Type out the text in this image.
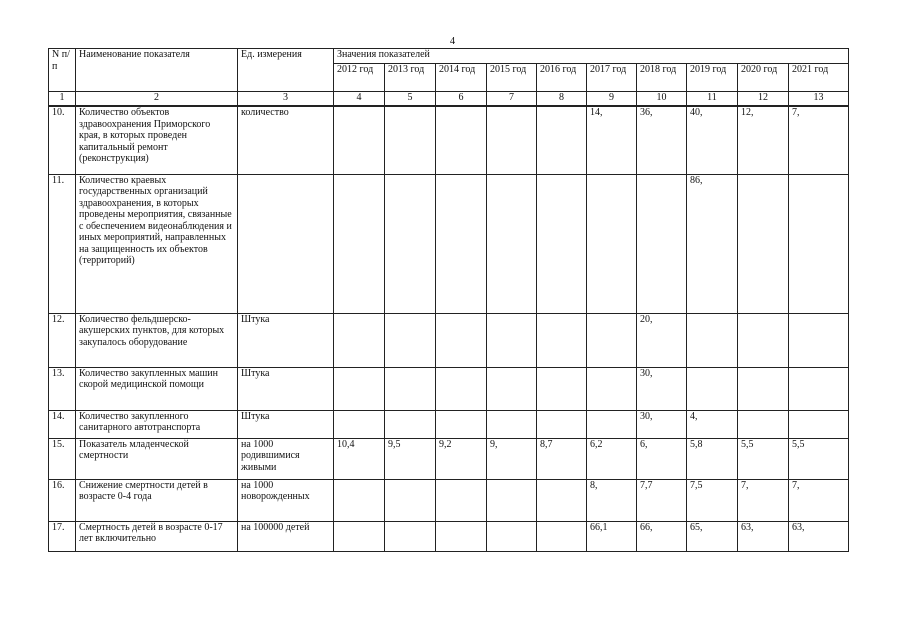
4
N п/п	Наименование показателя	Ед. измерения	Значения показателей									
			2012 год	2013 год	2014 год	2015 год	2016 год	2017 год	2018 год	2019 год	2020 год	2021 год
1	2	3	4	5	6	7	8	9	10	11	12	13
10.	Количество объектов здравоохранения Приморского края, в которых проведен капитальный ремонт (реконструкция)	количество						14,	36,	40,	12,	7,
11.	Количество краевых государственных организаций здравоохранения, в которых проведены мероприятия, связанные с обеспечением видеонаблюдения и иных мероприятий, направленных на защищенность их объектов (территорий)									86,		
12.	Количество фельдшерско-акушерских пунктов, для которых закупалось оборудование	Штука							20,			
13.	Количество закупленных машин скорой медицинской помощи	Штука							30,			
14.	Количество закупленного санитарного автотранспорта	Штука							30,	4,		
15.	Показатель младенческой смертности	на 1000 родившимися живыми	10,4	9,5	9,2	9,	8,7	6,2	6,	5,8	5,5	5,5
16.	Снижение смертности детей в возрасте 0-4 года	на 1000 новорожденных						8,	7,7	7,5	7,	7,
17.	Смертность детей в возрасте 0-17 лет включительно	на 100000 детей						66,1	66,	65,	63,	63,
